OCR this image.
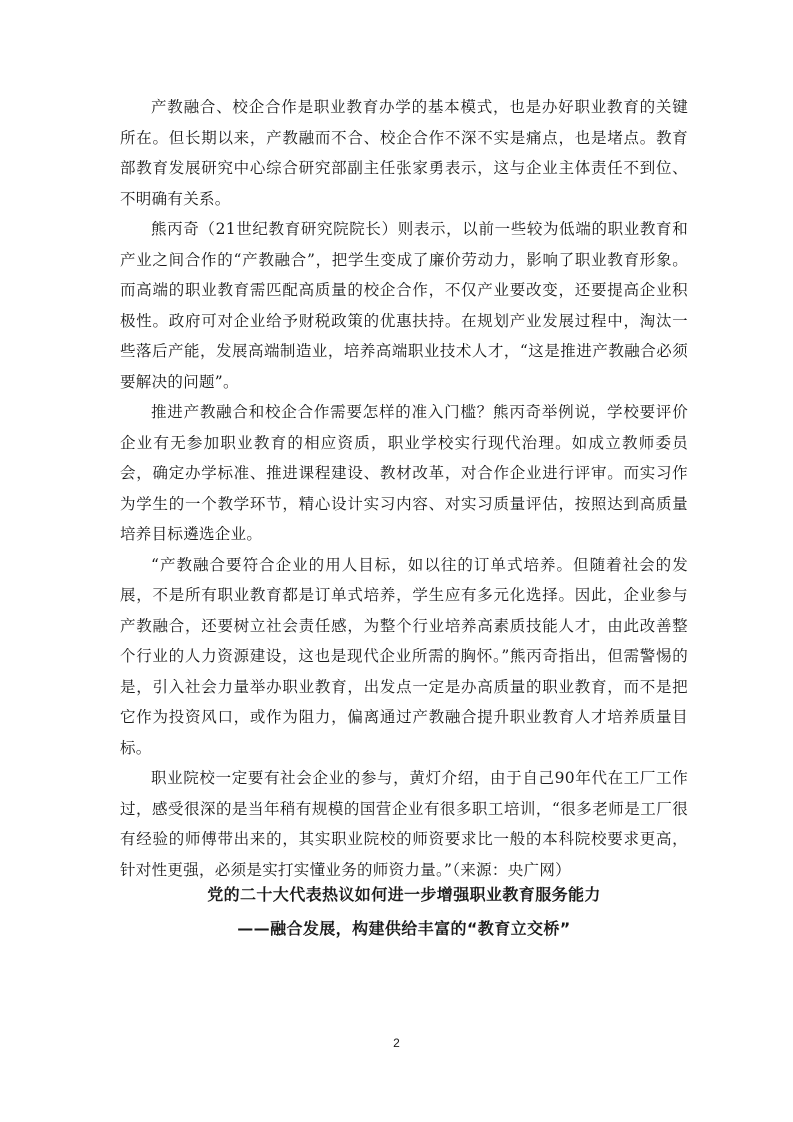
产教融合、校企合作是职业教育办学的基本模式，也是办好职业教育的关键所在。但长期以来，产教融而不合、校企合作不深不实是痛点，也是堵点。教育部教育发展研究中心综合研究部副主任张家勇表示，这与企业主体责任不到位、不明确有关系。

熊丙奇（21世纪教育研究院院长）则表示，以前一些较为低端的职业教育和产业之间合作的“产教融合”，把学生变成了廉价劳动力，影响了职业教育形象。而高端的职业教育需匹配高质量的校企合作，不仅产业要改变，还要提高企业积极性。政府可对企业给予财税政策的优惠扶持。在规划产业发展过程中，淘汰一些落后产能，发展高端制造业，培养高端职业技术人才，“这是推进产教融合必须要解决的问题”。

推进产教融合和校企合作需要怎样的准入门槛？熊丙奇举例说，学校要评价企业有无参加职业教育的相应资质，职业学校实行现代治理。如成立教师委员会，确定办学标准、推进课程建设、教材改革，对合作企业进行评审。而实习作为学生的一个教学环节，精心设计实习内容、对实习质量评估，按照达到高质量培养目标遴选企业。

“产教融合要符合企业的用人目标，如以往的订单式培养。但随着社会的发展，不是所有职业教育都是订单式培养，学生应有多元化选择。因此，企业参与产教融合，还要树立社会责任感，为整个行业培养高素质技能人才，由此改善整个行业的人力资源建设，这也是现代企业所需的胸怀。”熊丙奇指出，但需警惕的是，引入社会力量举办职业教育，出发点一定是办高质量的职业教育，而不是把它作为投资风口，或作为阻力，偏离通过产教融合提升职业教育人才培养质量目标。

职业院校一定要有社会企业的参与，黄灯介绍，由于自己90年代在工厂工作过，感受很深的是当年稍有规模的国营企业有很多职工培训，“很多老师是工厂很有经验的师傅带出来的，其实职业院校的师资要求比一般的本科院校要求更高，针对性更强，必须是实打实懂业务的师资力量。”（来源：央广网）

党的二十大代表热议如何进一步增强职业教育服务能力

——融合发展，构建供给丰富的“教育立交桥”

2
